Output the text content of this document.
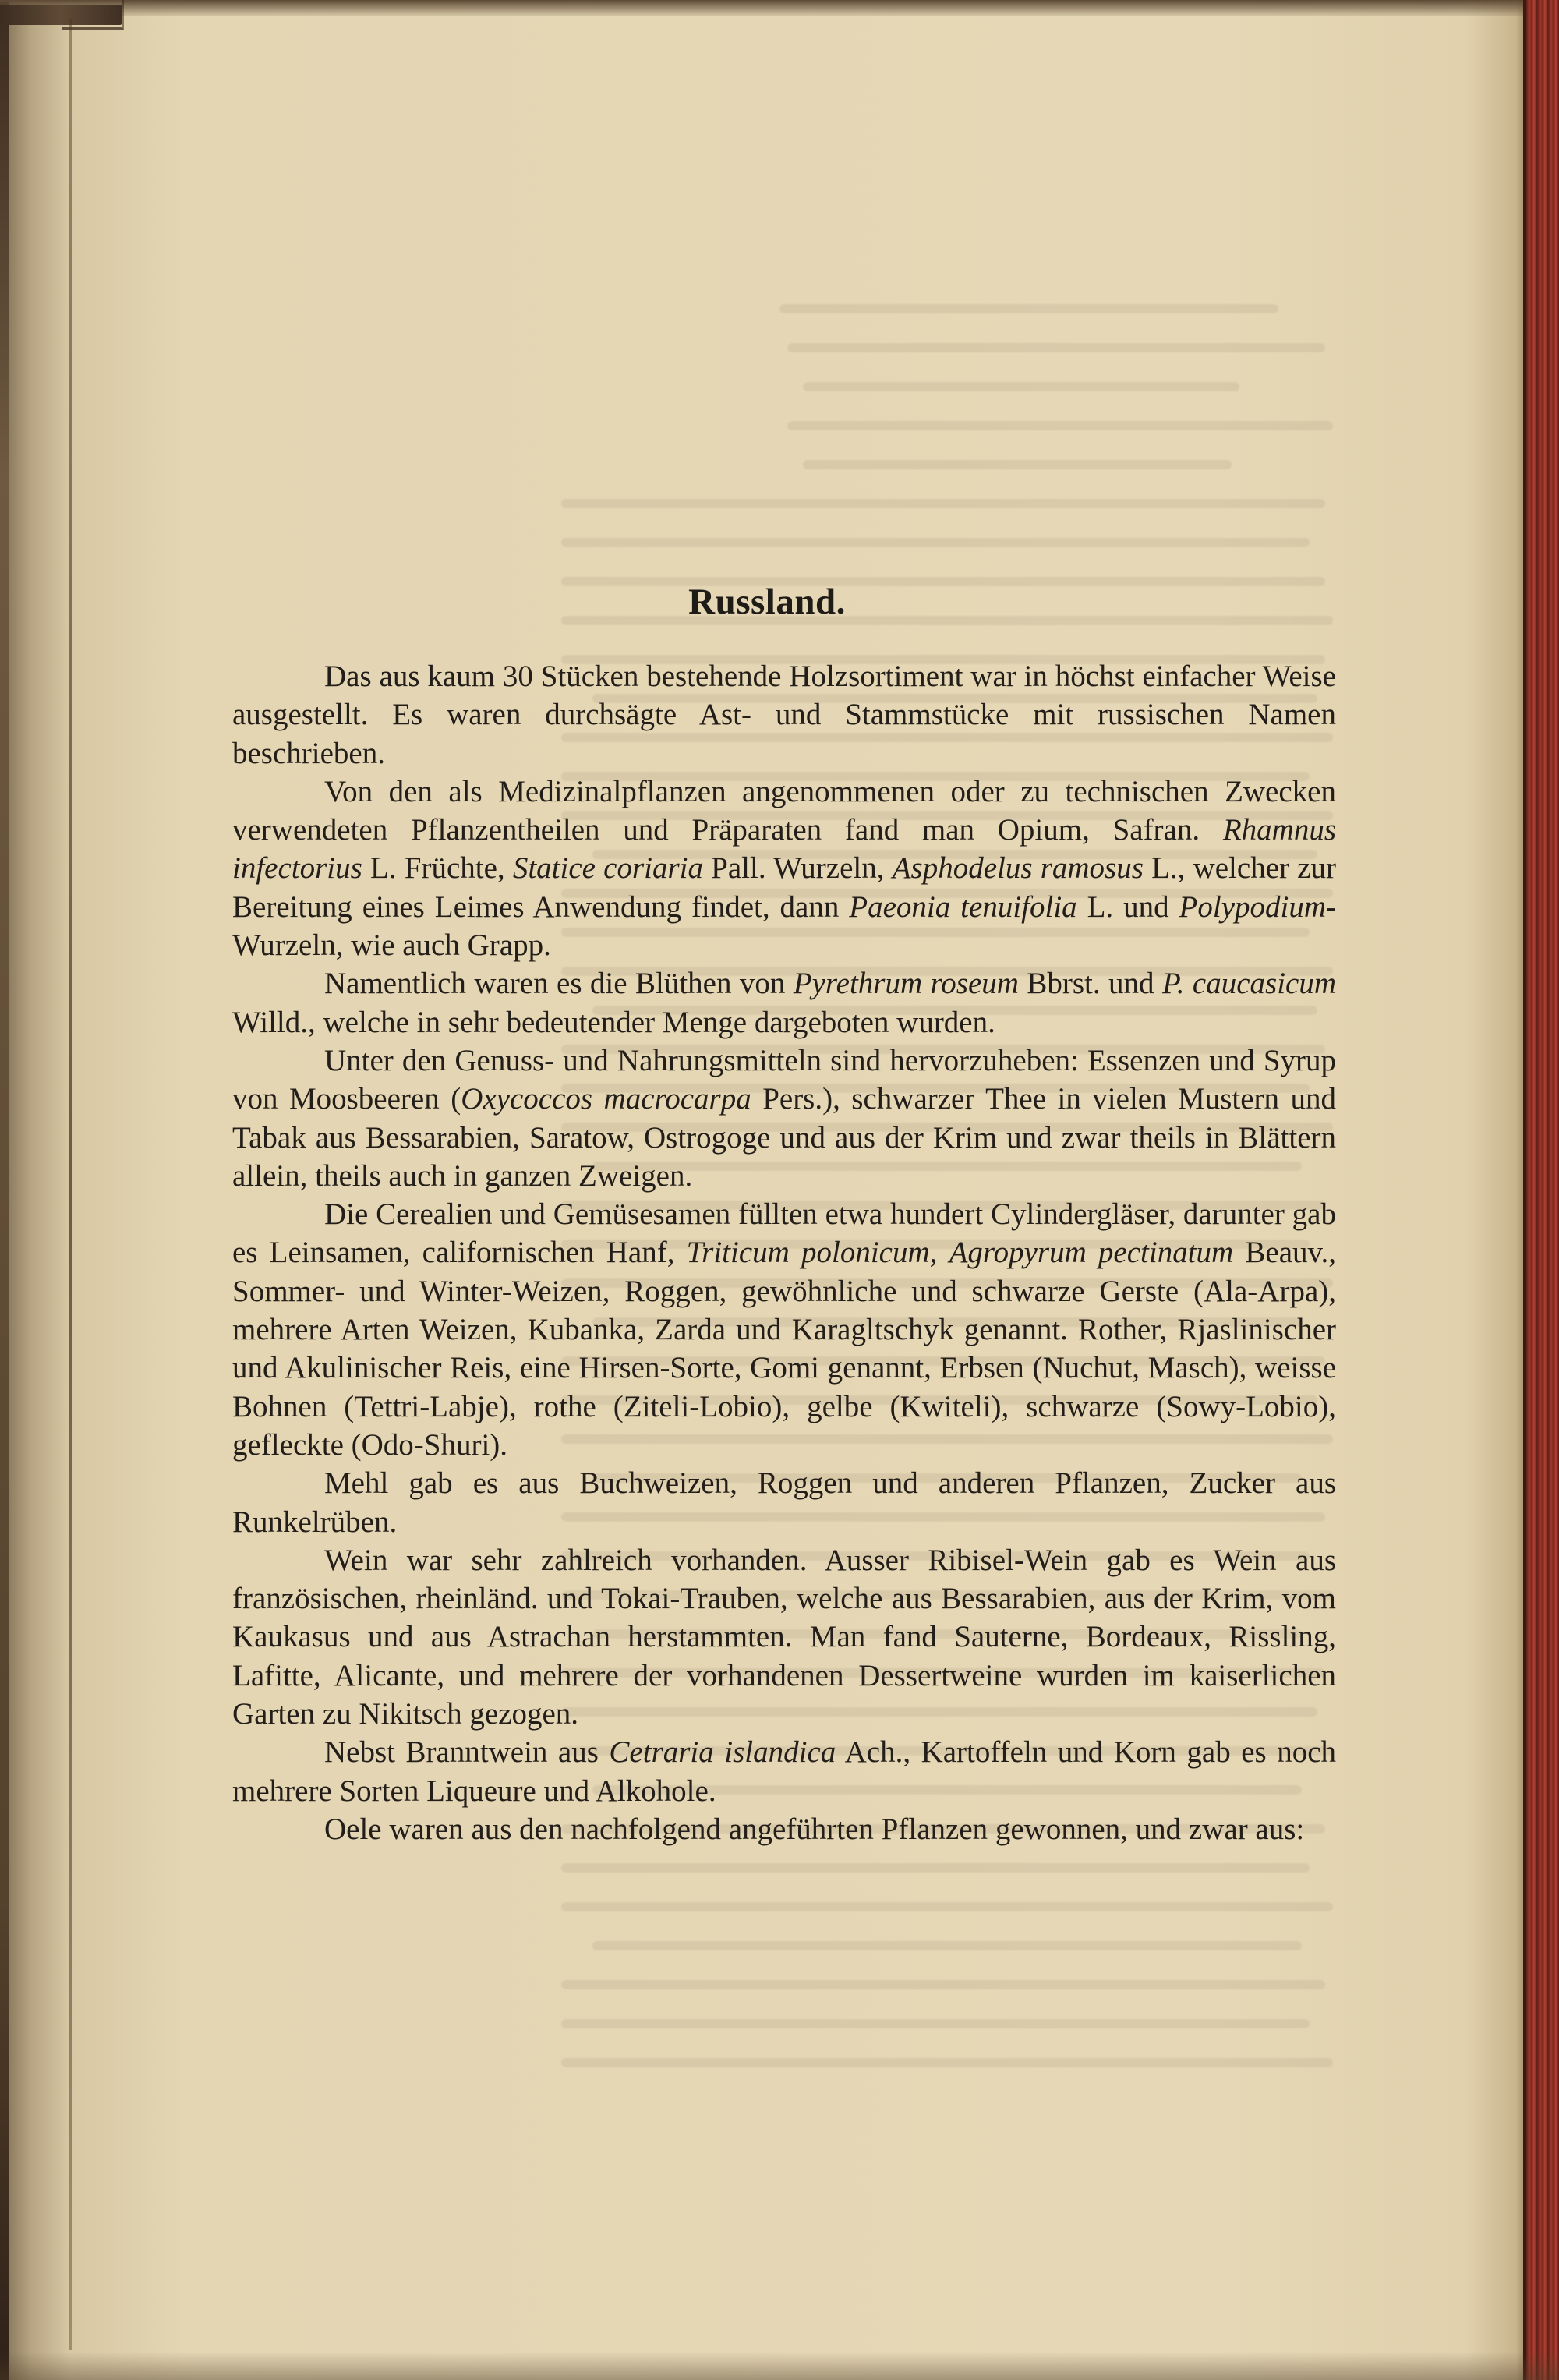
Russland.

Das aus kaum 30 Stücken bestehende Holzsortiment war in höchst einfacher Weise ausgestellt. Es waren durchsägte Ast- und Stammstücke mit russischen Namen beschrieben.

Von den als Medizinalpflanzen angenommenen oder zu technischen Zwecken verwendeten Pflanzentheilen und Präparaten fand man Opium, Safran. Rhamnus infectorius L. Früchte, Statice coriaria Pall. Wurzeln, Asphodelus ramosus L., welcher zur Bereitung eines Leimes Anwendung findet, dann Paeonia tenuifolia L. und Polypodium- Wurzeln, wie auch Grapp.

Namentlich waren es die Blüthen von Pyrethrum roseum Bbrst. und P. caucasicum Willd., welche in sehr bedeutender Menge dargeboten wurden.

Unter den Genuss- und Nahrungsmitteln sind hervorzuheben: Essenzen und Syrup von Moosbeeren (Oxycoccos macrocarpa Pers.), schwarzer Thee in vielen Mustern und Tabak aus Bessarabien, Saratow, Ostrogoge und aus der Krim und zwar theils in Blättern allein, theils auch in ganzen Zweigen.

Die Cerealien und Gemüsesamen füllten etwa hundert Cylindergläser, darunter gab es Leinsamen, californischen Hanf, Triticum polonicum, Agropyrum pectinatum Beauv., Sommer- und Winter-Weizen, Roggen, gewöhnliche und schwarze Gerste (Ala-Arpa), mehrere Arten Weizen, Kubanka, Zarda und Karagltschyk genannt. Rother, Rjaslinischer und Akulinischer Reis, eine Hirsen-Sorte, Gomi genannt, Erbsen (Nuchut, Masch), weisse Bohnen (Tettri-Labje), rothe (Ziteli-Lobio), gelbe (Kwiteli), schwarze (Sowy-Lobio), gefleckte (Odo-Shuri).

Mehl gab es aus Buchweizen, Roggen und anderen Pflanzen, Zucker aus Runkelrüben.

Wein war sehr zahlreich vorhanden. Ausser Ribisel-Wein gab es Wein aus französischen, rheinländ. und Tokai-Trauben, welche aus Bessarabien, aus der Krim, vom Kaukasus und aus Astrachan herstammten. Man fand Sauterne, Bordeaux, Rissling, Lafitte, Alicante, und mehrere der vorhandenen Dessertweine wurden im kaiserlichen Garten zu Nikitsch gezogen.

Nebst Branntwein aus Cetraria islandica Ach., Kartoffeln und Korn gab es noch mehrere Sorten Liqueure und Alkohole.

Oele waren aus den nachfolgend angeführten Pflanzen gewonnen, und zwar aus:
